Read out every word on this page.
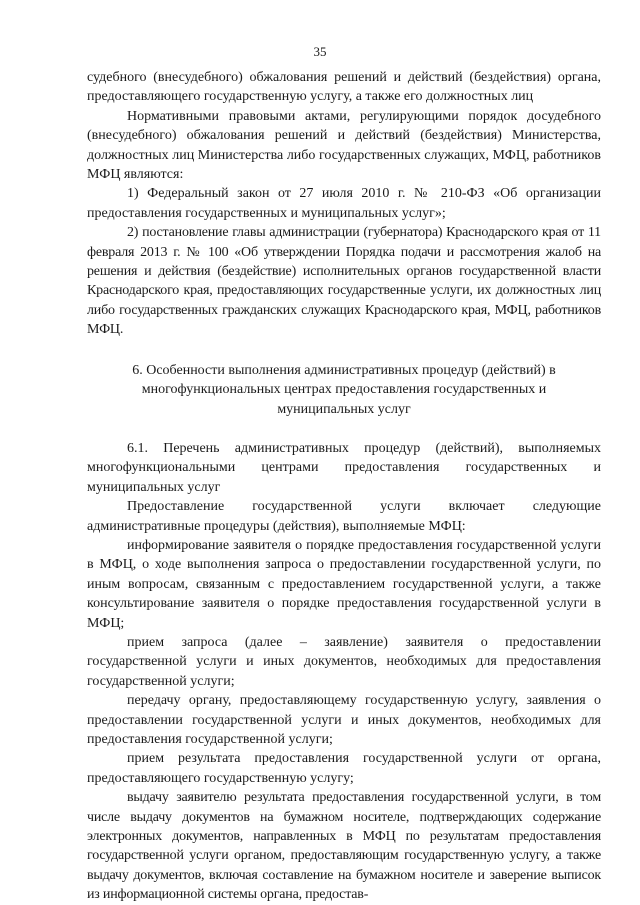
35

судебного (внесудебного) обжалования решений и действий (бездействия) органа, предоставляющего государственную услугу, а также его должностных лиц

Нормативными правовыми актами, регулирующими порядок досудебного (внесудебного) обжалования решений и действий (бездействия) Министерства, должностных лиц Министерства либо государственных служащих, МФЦ, работников МФЦ являются:

1) Федеральный закон от 27 июля 2010 г. № 210-ФЗ «Об организации предоставления государственных и муниципальных услуг»;

2) постановление главы администрации (губернатора) Краснодарского края от 11 февраля 2013 г. № 100 «Об утверждении Порядка подачи и рассмотрения жалоб на решения и действия (бездействие) исполнительных органов государственной власти Краснодарского края, предоставляющих государственные услуги, их должностных лиц либо государственных гражданских служащих Краснодарского края, МФЦ, работников МФЦ.

6. Особенности выполнения административных процедур (действий) в многофункциональных центрах предоставления государственных и муниципальных услуг

6.1. Перечень административных процедур (действий), выполняемых многофункциональными центрами предоставления государственных и муниципальных услуг

Предоставление государственной услуги включает следующие административные процедуры (действия), выполняемые МФЦ:

информирование заявителя о порядке предоставления государственной услуги в МФЦ, о ходе выполнения запроса о предоставлении государственной услуги, по иным вопросам, связанным с предоставлением государственной услуги, а также консультирование заявителя о порядке предоставления государственной услуги в МФЦ;

прием запроса (далее – заявление) заявителя о предоставлении государственной услуги и иных документов, необходимых для предоставления государственной услуги;

передачу органу, предоставляющему государственную услугу, заявления о предоставлении государственной услуги и иных документов, необходимых для предоставления государственной услуги;

прием результата предоставления государственной услуги от органа, предоставляющего государственную услугу;

выдачу заявителю результата предоставления государственной услуги, в том числе выдачу документов на бумажном носителе, подтверждающих содержание электронных документов, направленных в МФЦ по результатам предоставления государственной услуги органом, предоставляющим государственную услугу, а также выдачу документов, включая составление на бумажном носителе и заверение выписок из информационной системы органа, предостав-
